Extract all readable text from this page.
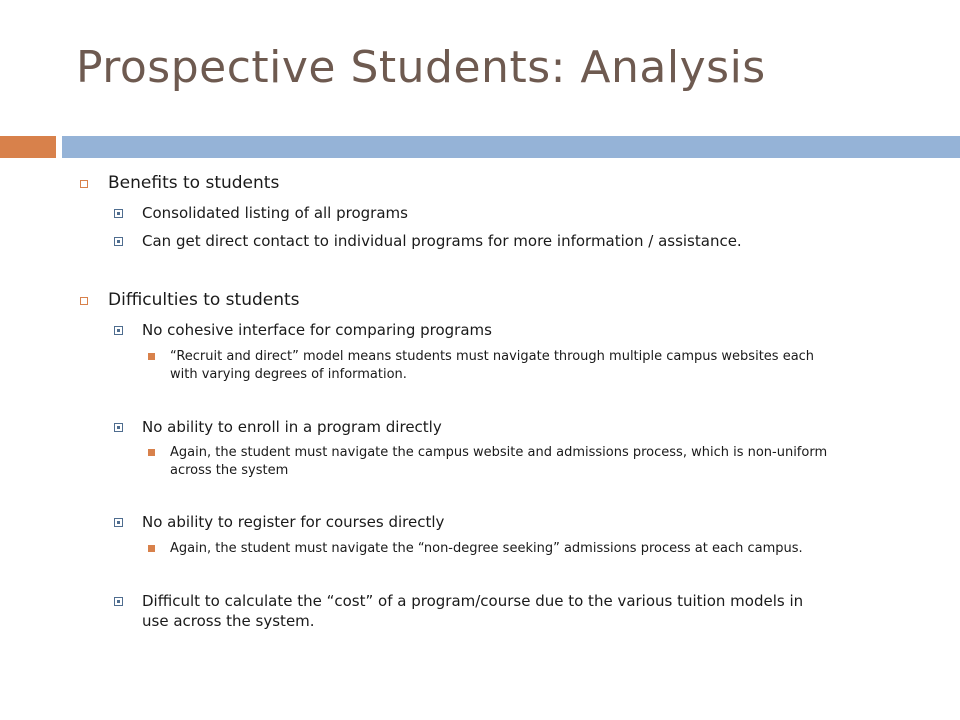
Prospective Students: Analysis
Benefits to students
Consolidated listing of all programs
Can get direct contact to individual programs for more information / assistance.
Difficulties to students
No cohesive interface for comparing programs
“Recruit and direct” model means students must navigate through multiple campus websites each
with varying degrees of information.
No ability to enroll in a program directly
Again, the student must navigate the campus website and admissions process, which is non-uniform
across the system
No ability to register for courses directly
Again, the student must navigate the “non-degree seeking” admissions process at each campus.
Difficult to calculate the “cost” of a program/course due to the various tuition models in
use across the system.
